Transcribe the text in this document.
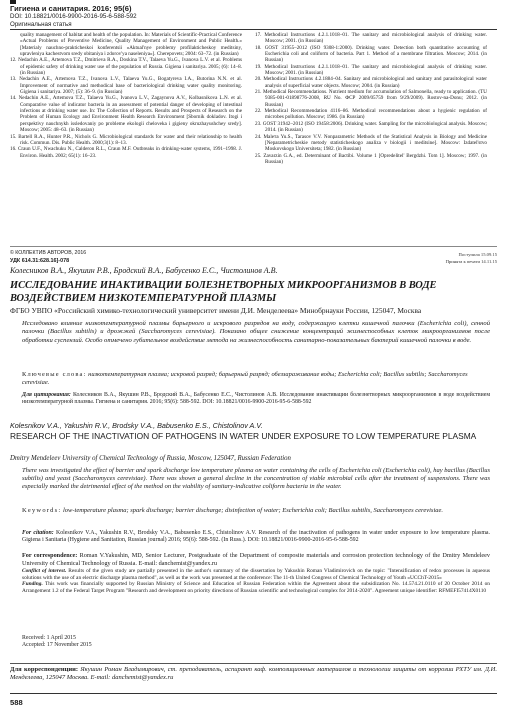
Гигиена и санитария. 2016; 95(6)
DOI: 10.18821/0016-9900-2016-95-6-588-592
Оригинальная статья

quality management of habitat and health of the population. In: Materials of Scientific-Practical Conference «Actual Problems of Preventive Medicine, Quality Management of Environment and Public Health.» [Materialy nauchno-prakticheskoi konferentsii «Aktual'nye problemy profilakticheskoy meditsiny, upravleniya kachestvom sredy obitaniya i zdorov'ya naseleniya»]. Cherepovets; 2004: 63–72. (in Russian)

12. Nedachin A.E., Artemova T.Z., Dmitrieva R.A., Doskina T.V., Talaeva Yu.G., Ivanova L.V. et al. Problems of epidemic safety of drinking water use of the population of Russia. Gigiena i sanitariya. 2005; (6): 14–8. (in Russian)

13. Nedachin A.E., Artemova T.Z., Ivanova L.V., Talaeva Yu.G., Bogatyreva I.A., Butorina N.N. et al. Improvement of normative and methodical base of bacteriological drinking water quality monitoring. Gigiena i sanitariya. 2007; (5): 36–9. (in Russian)

14. Nedachin A.E., Artemova T.Z., Talaeva Yu.G., Ivanova L.V., Zagaynova A.V., Kolbasnikova L.N. et al. Comparative value of indicator bacteria in an assessment of potential danger of developing of intestinal infections at drinking water use. In: The Collection of Reports. Results and Prospects of Research on the Problem of Human Ecology and Environment Health Research Environment [Sbornik dokladov. Itogi i perspektivy nauchnykh issledovaniy po probleme ekologii cheloveka i gigieny okruzhayushchey sredy]. Moscow; 2005: 48–63. (in Russian)

15. Bartell R.A., Hunter P.R., Nichols G. Microbiological standards for water and their relationship to health risk. Commun. Dis. Public Health. 2000;3(1): 8–13.

16. Craun U.F., Nwachuku N., Calderon R.L., Craun M.F. Outbreaks in drinking-water systems, 1991–1998. J. Environ. Health. 2002; 65(1): 16–23.

17. Methodical Instructions 4.2.1.1018–01. The sanitary and microbiological analysis of drinking water. Moscow; 2001. (in Russian)

18. GOST 31955–2012 (ISO 9308-1:2000). Drinking water. Detection both quantitative accounting of Escherichia coli and coliform of bacteria. Part 1. Method of a membrane filtration. Moscow; 2014. (in Russian)

19. Methodical Instructions 4.2.1.1018–01. The sanitary and microbiological analysis of drinking water. Moscow; 2001. (in Russian)

20. Methodical Instructions 4.2.1884–04. Sanitary and microbiological and sanitary and parasitological water analysis of superficial water objects. Moscow; 2004. (in Russian)

21. Methodical Recommendations. Nutrient medium for accumulation of Salmonella, ready to application. (TU 9385-001-01898776-2008, RU No. ФСР 2009/05759 from 9/29/2009). Rostov-na-Donu; 2012. (in Russian)

22. Methodical Recommendation 4116–86. Methodical recommendations about a hygienic regulation of microbes pollution. Moscow; 1986. (in Russian)

23. GOST 31942–2012 (ISO 19458:2006). Drinking water. Sampling for the microbiological analysis. Moscow; 2014. (in Russian)

24. Malета Yu.S., Tarasov V.V. Nonparametric Methods of the Statistical Analysis in Biology and Medicine [Neparametricheskie metody statisticheskogo analiza v biologii i meditsine]. Moscow: Izdatel'stvo Moskovskogo Universiteta; 1982. (in Russian)

25. Zavarzin G.A., ed. Determinant of Bactibi. Volume 1 [Opredelitel' Bergdzhi. Tom 1]. Moscow; 1997. (in Russian)

Поступила 15.09.15
Принята к печати 14.11.15
© КОЛЛЕКТИВ АВТОРОВ, 2016
УДК 614.31:628.16]-078
Колесников В.А., Якушин Р.В., Бродский В.А., Бабусенко Е.С., Чистолинов А.В.
ИССЛЕДОВАНИЕ ИНАКТИВАЦИИ БОЛЕЗНЕТВОРНЫХ МИКРООРГАНИЗМОВ В ВОДЕ ВОЗДЕЙСТВИЕМ НИЗКОТЕМПЕРАТУРНОЙ ПЛАЗМЫ
ФГБО УВПО «Российский химико-технологический университет имени Д.И. Менделеева» Минобрнауки России, 125047, Москва

Исследовано влияние низкотемпературной плазмы барьерного и искрового разрядов на воду, содержащую клетки кишечной палочки (Escherichia coli), сенной палочки (Bacillus subtilis) и дрожжей (Saccharomyces cerevisiae). Показано общее снижение концентраций жизнеспособных клеток микроорганизмов после обработки суспензий. Особо отмечено губительное воздействие метода на жизнеспособность санитарно-показательных бактерий кишечной палочки в воде.

Ключевые слова: низкотемпературная плазма; искровой разряд; барьерный разряд; обеззараживание воды; Escherichia coli; Bacillus subtilis; Saccharomyces cerevisiae.

Для цитирования: Колесников В.А., Якушин Р.В., Бродский В.А., Бабусенко Е.С., Чистолинов А.В. Исследование инактивации болезнетворных микроорганизмов в воде воздействием низкотемпературной плазмы. Гигиена и санитария. 2016; 95(6): 588-592. DOI: 10.18821/0016-9900-2016-95-6-588-592

Kolesnikov V.A., Yakushin R.V., Brodsky V.A., Babusenko E.S., Chistolinov A.V.
RESEARCH OF THE INACTIVATION OF PATHOGENS IN WATER UNDER EXPOSURE TO LOW TEMPERATURE PLASMA
Dmitry Mendeleev University of Chemical Technology of Russia, Moscow, 125047, Russian Federation

There was investigated the effect of barrier and spark discharge low temperature plasma on water containing the cells of Escherichia coli (Escherichia coli), hay bacillus (Bacillus subtilis) and yeast (Saccharomyces cerevisiae). There was shown a general decline in the concentration of viable microbial cells after the treatment of suspensions. There was especially marked the detrimental effect of the method on the viability of sanitary-indicative coliform bacteria in the water.

Keywords: low-temperature plasma; spark discharge; barrier discharge; disinfection of water; Escherichia coli; Bacillus subtilis, Saccharomyces cerevisiae.

For citation: Kolesnikov V.A., Yakushin R.V., Brodsky V.A., Babusenko E.S., Chistolinov A.V. Research of the inactivation of pathogens in water under exposure to low temperature plasma. Gigiena i Sanitaria (Hygiene and Sanitation, Russian journal) 2016; 95(6): 588-592. (In Russ.). DOI: 10.18821/0016-9900-2016-95-6-588-592

For correspondence: Roman V.Yakushin, MD, Senior Lecturer, Postgraduate of the Department of composite materials and corrosion protection technology of the Dmitry Mendeleev University of Chemical Technology of Russia. E-mail: danchemist@yandex.ru

Conflict of interest. Results of the given study are partially presented in the author's summary of the dissertation by Yakushin Roman Vladimirovich on the topic: "Intensification of redox processes in aqueous solutions with the use of an electric discharge plasma method", as well as the work was presented at the conference: The 11-th United Congress of Chemical Technology of Youth «UCChT-2015»

Funding. This work was financially supported by Russian Ministry of Science and Education of Russian Federation within the Agreement about the subsidization No. 14.574.21.0110 of 20 October 2014 on Arrangement 1.2 of the Federal Target Program "Research and development on priority directions of Russian scientific and technological complex for 2014-2020". Agreement unique identifier: RFMEFI57414X0110

Received: 1 April 2015
Accepted: 17 November 2015

Для корреспонденции: Якушин Роман Владимирович, ст. преподаватель, аспирант каф. композиционных материалов и технологии защиты от коррозии РХТУ им. Д.И. Менделеева, 125047 Москва. E-mail: danchemist@yandex.ru

588
